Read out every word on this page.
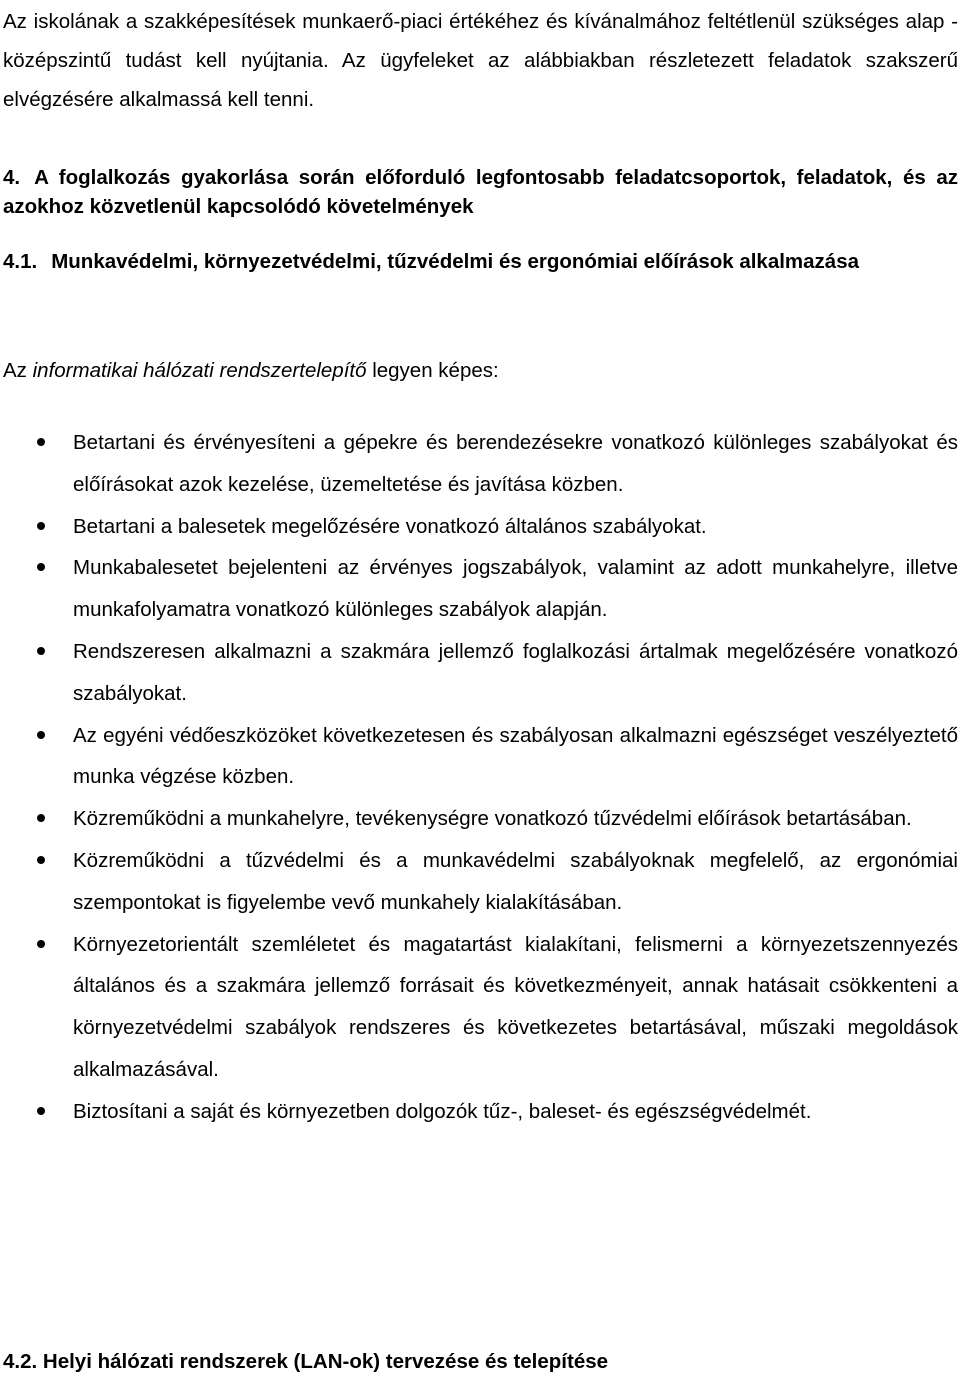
Az iskolának a szakképesítések munkaerő-piaci értékéhez és kívánalmához feltétlenül szükséges alap - középszintű tudást kell nyújtania. Az ügyfeleket az alábbiakban részletezett feladatok szakszerű elvégzésére alkalmassá kell tenni.

4. A foglalkozás gyakorlása során előforduló legfontosabb feladatcsoportok, feladatok, és az azokhoz közvetlenül kapcsolódó követelmények
4.1. Munkavédelmi, környezetvédelmi, tűzvédelmi és ergonómiai előírások alkalmazása

Az informatikai hálózati rendszertelepítő legyen képes:

Betartani és érvényesíteni a gépekre és berendezésekre vonatkozó különleges szabályokat és előírásokat azok kezelése, üzemeltetése és javítása közben.
Betartani a balesetek megelőzésére vonatkozó általános szabályokat.
Munkabalesetet bejelenteni az érvényes jogszabályok, valamint az adott munkahelyre, illetve munkafolyamatra vonatkozó különleges szabályok alapján.
Rendszeresen alkalmazni a szakmára jellemző foglalkozási ártalmak megelőzésére vonatkozó szabályokat.
Az egyéni védőeszközöket következetesen és szabályosan alkalmazni egészséget veszélyeztető munka végzése közben.
Közreműködni a munkahelyre, tevékenységre vonatkozó tűzvédelmi előírások betartásában.
Közreműködni a tűzvédelmi és a munkavédelmi szabályoknak megfelelő, az ergonómiai szempontokat is figyelembe vevő munkahely kialakításában.
Környezetorientált szemléletet és magatartást kialakítani, felismerni a környezetszennyezés általános és a szakmára jellemző forrásait és következményeit, annak hatásait csökkenteni a környezetvédelmi szabályok rendszeres és következetes betartásával, műszaki megoldások alkalmazásával.
Biztosítani a saját és környezetben dolgozók tűz-, baleset- és egészségvédelmét.
4.2. Helyi hálózati rendszerek (LAN-ok) tervezése és telepítése
